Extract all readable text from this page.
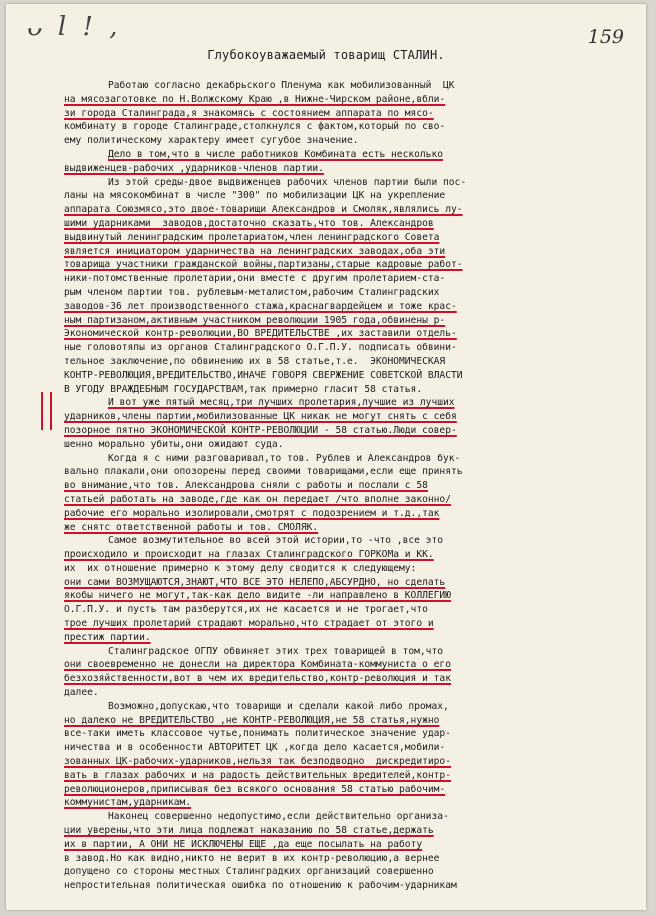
ᴗ l ! ,	159
Глубокоуважаемый товарищ СТАЛИН.
Работаю согласно декабрьского Пленума как мобилизованный  ЦК
на мясозаготовке по Н.Волжскому Краю ,в Нижне-Чирском районе,вбли-
зи города Сталинграда,я знакомясь с состоянием аппарата по мясо-
комбинату в городе Сталинграде,столкнулся с фактом,который по сво-
ему политическому характеру имеет сугубое значение.
Дело в том,что в числе работников Комбината есть несколько
выдвиженцев-рабочих ,ударников-членов партии.
Из этой среды-двое выдвиженцев рабочих членов партии были пос-
ланы на мясокомбинат в числе "300" по мобилизации ЦК на укрепление
аппарата Союзмясо,это двое-товарищи Александров и Смоляк,являлись лу-
шими ударниками  заводов,достаточно сказать,что тов. Александров
выдвинутый ленинградским пролетариатом,член ленинградского Совета
является инициатором ударничества на ленинградских заводах,оба эти
товарища участники гражданской войны,партизаны,старые кадровые работ-
ники-потомственные пролетарии,они вместе с другим пролетарием-ста-
рым членом партии тов. рублевым-металистом,рабочим Сталинградских
заводов-36 лет производственного стажа,краснагвардейцем и тоже крас-
ным партизаном,активным участником революции 1905 года,обвинены р-
Экономической контр-революции,ВО ВРЕДИТЕЛЬСТВЕ ,их заставили отдель-
ные головотяпы из органов Сталинградского О.Г.П.У. подписать обвини-
тельное заключение,по обвинению их в 58 статье,т.е.  ЭКОНОМИЧЕСКАЯ
КОНТР-РЕВОЛЮЦИЯ,ВРЕДИТЕЛЬСТВО,ИНАЧЕ ГОВОРЯ СВЕРЖЕНИЕ СОВЕТСКОЙ ВЛАСТИ
В УГОДУ ВРАЖДЕБНЫМ ГОСУДАРСТВАМ,так примерно гласит 58 статья.
И вот уже пятый месяц,три лучших пролетария,лучшие из лучших
ударников,члены партии,мобилизованные ЦК никак не могут снять с себя
позорное пятно ЭКОНОМИЧЕСКОЙ КОНТР-РЕВОЛЮЦИИ - 58 статью.Люди совер-
шенно морально убиты,они ожидают суда.
Когда я с ними разговаривал,то тов. Рублев и Александров бук-
вально плакали,они опозорены перед своими товарищами,если еще принять
во внимание,что тов. Александрова сняли с работы и послали с 58
статьей работать на заводе,где как он передает /что вполне законно/
рабочие его морально изолировали,смотрят с подозрением и т.д.,так
же снятс ответственной работы и тов. СМОЛЯК.
Самое возмутительное во всей этой истории,то -что ,все это
происходило и происходит на глазах Сталинградского ГОРКОМа и КК.
их  их отношение примерно к этому делу сводится к следующему:
они сами ВОЗМУЩАЮТСЯ,ЗНАЮТ,ЧТО ВСЕ ЭТО НЕЛЕПО,АБСУРДНО, но сделать
якобы ничего не могут,так-как дело видите -ли направлено в КОЛЛЕГИЮ
О.Г.П.У. и пусть там разберутся,их не касается и не трогает,что
трое лучших пролетарий страдают морально,что страдает от этого и
престиж партии.
Сталинградское ОГПУ обвиняет этих трех товарищей в том,что
они своевременно не донесли на директора Комбината-коммуниста о его
безхозяйственности,вот в чем их вредительство,контр-революция и так
далее.
Возможно,допускаю,что товарищи и сделали какой либо промах,
но далеко не ВРЕДИТЕЛЬСТВО ,не КОНТР-РЕВОЛЮЦИЯ,не 58 статья,нужно
все-таки иметь классовое чутье,понимать политическое значение удар-
ничества и в особенности АВТОРИТЕТ ЦК ,когда дело касается,мобили-
зованных ЦК-рабочих-ударников,нельзя так безподводно  дискредитиро-
вать в глазах рабочих и на радость действительных вредителей,контр-
революционеров,приписывая без всякого основания 58 статью рабочим-
коммунистам,ударникам.
Наконец совершенно недопустимо,если действительно организа-
ции уверены,что эти лица подлежат наказанию по 58 статье,держать
их в партии, А ОНИ НЕ ИСКЛЮЧЕНЫ ЕЩЕ ,да еще посылать на работу
в завод.Но как видно,никто не верит в их контр-революцию,а вернее
допущено со стороны местных Сталинградких организаций совершенно
непростительная политическая ошибка по отношению к рабочим-ударникам
